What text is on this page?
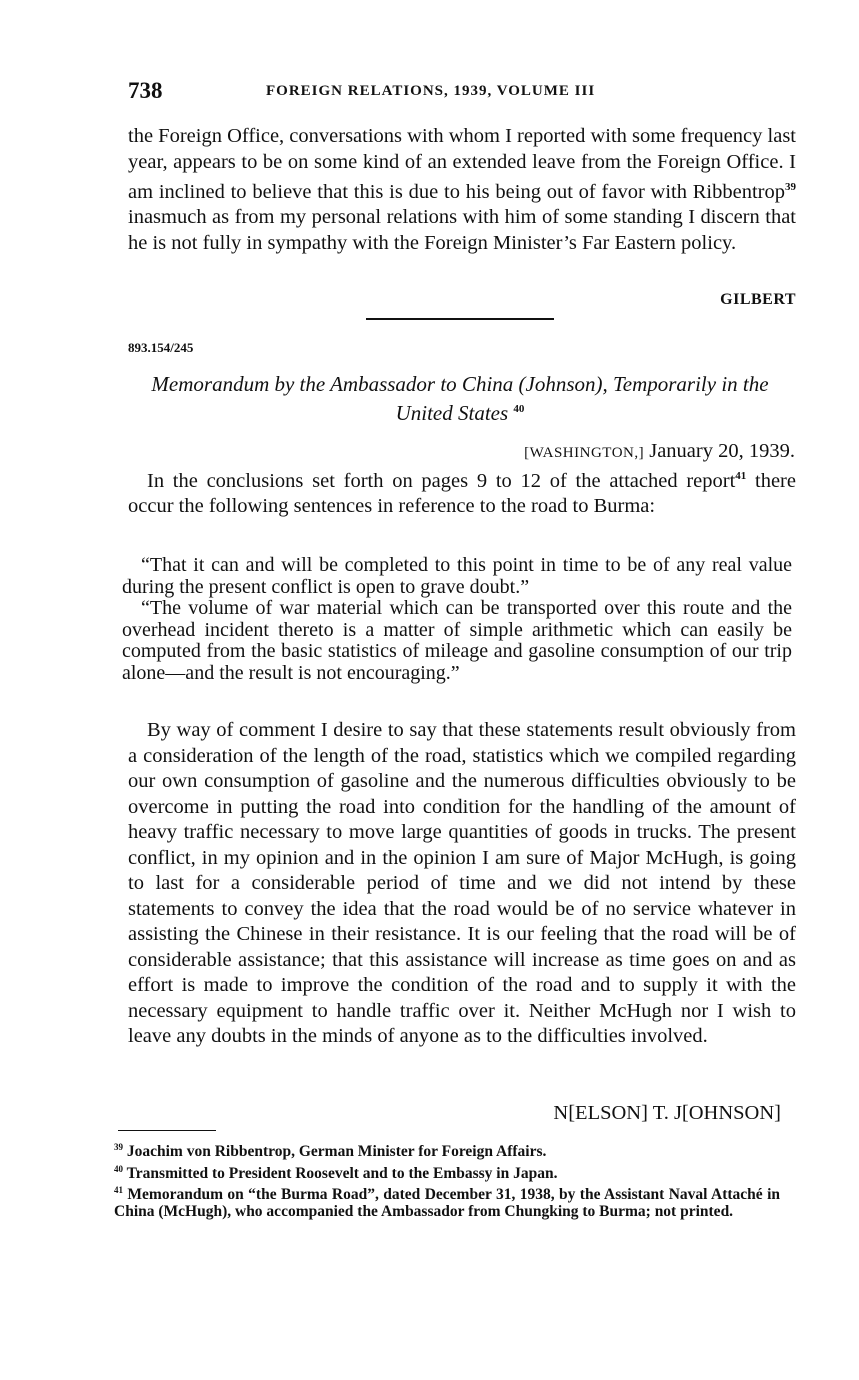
738	FOREIGN RELATIONS, 1939, VOLUME III

the Foreign Office, conversations with whom I reported with some frequency last year, appears to be on some kind of an extended leave from the Foreign Office. I am inclined to believe that this is due to his being out of favor with Ribbentrop$^{39}$ inasmuch as from my personal relations with him of some standing I discern that he is not fully in sympathy with the Foreign Minister’s Far Eastern policy.

GILBERT
893.154/245

Memorandum by the Ambassador to China (Johnson), Temporarily in the United States $^{40}$

[WASHINGTON,] January 20, 1939.

In the conclusions set forth on pages 9 to 12 of the attached report$^{41}$ there occur the following sentences in reference to the road to Burma:

“That it can and will be completed to this point in time to be of any real value during the present conflict is open to grave doubt.”

“The volume of war material which can be transported over this route and the overhead incident thereto is a matter of simple arithmetic which can easily be computed from the basic statistics of mileage and gasoline consumption of our trip alone—and the result is not encouraging.”

By way of comment I desire to say that these statements result obviously from a consideration of the length of the road, statistics which we compiled regarding our own consumption of gasoline and the numerous difficulties obviously to be overcome in putting the road into condition for the handling of the amount of heavy traffic necessary to move large quantities of goods in trucks. The present conflict, in my opinion and in the opinion I am sure of Major McHugh, is going to last for a considerable period of time and we did not intend by these statements to convey the idea that the road would be of no service whatever in assisting the Chinese in their resistance. It is our feeling that the road will be of considerable assistance; that this assistance will increase as time goes on and as effort is made to improve the condition of the road and to supply it with the necessary equipment to handle traffic over it. Neither McHugh nor I wish to leave any doubts in the minds of anyone as to the difficulties involved.

N[ELSON] T. J[OHNSON]

$^{39}$ Joachim von Ribbentrop, German Minister for Foreign Affairs.

$^{40}$ Transmitted to President Roosevelt and to the Embassy in Japan.

$^{41}$ Memorandum on “the Burma Road”, dated December 31, 1938, by the Assistant Naval Attaché in China (McHugh), who accompanied the Ambassador from Chungking to Burma; not printed.
